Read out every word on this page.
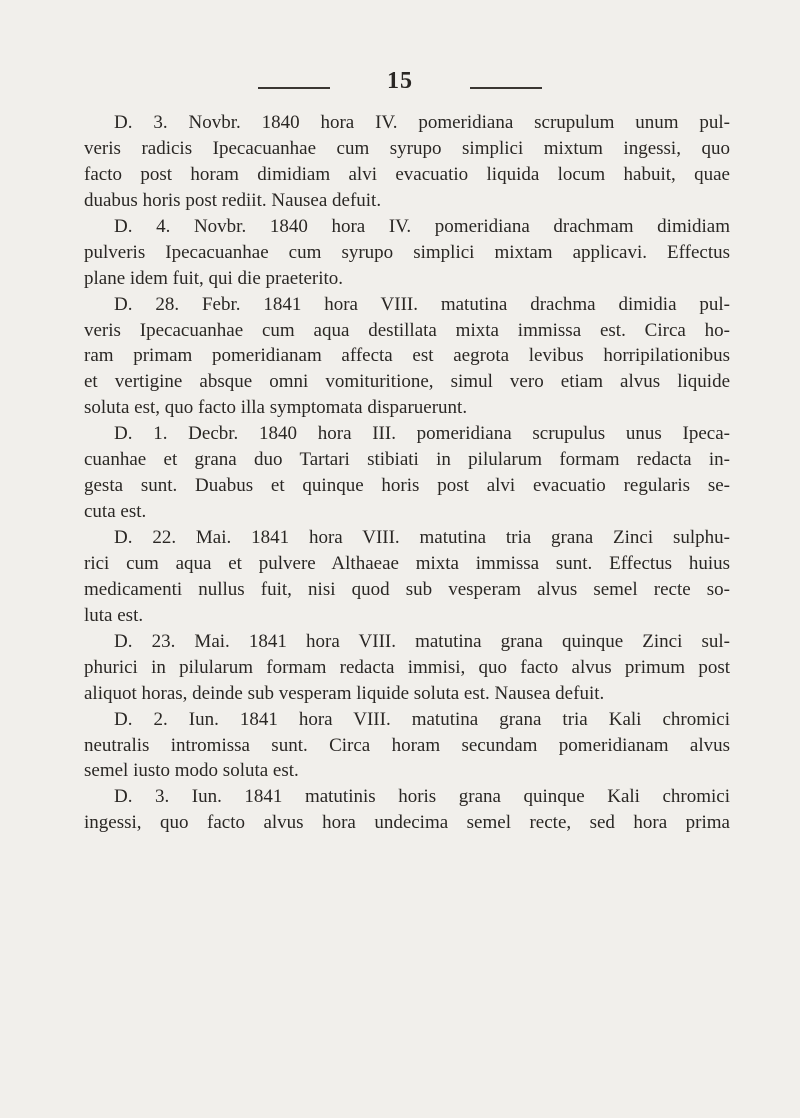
15
D. 3. Novbr. 1840 hora IV. pomeridiana scrupulum unum pul-
veris radicis Ipecacuanhae cum syrupo simplici mixtum ingessi, quo
facto post horam dimidiam alvi evacuatio liquida locum habuit, quae
duabus horis post rediit. Nausea defuit.
D. 4. Novbr. 1840 hora IV. pomeridiana drachmam dimidiam
pulveris Ipecacuanhae cum syrupo simplici mixtam applicavi. Effectus
plane idem fuit, qui die praeterito.
D. 28. Febr. 1841 hora VIII. matutina drachma dimidia pul-
veris Ipecacuanhae cum aqua destillata mixta immissa est. Circa ho-
ram primam pomeridianam affecta est aegrota levibus horripilationibus
et vertigine absque omni vomituritione, simul vero etiam alvus liquide
soluta est, quo facto illa symptomata disparuerunt.
D. 1. Decbr. 1840 hora III. pomeridiana scrupulus unus Ipeca-
cuanhae et grana duo Tartari stibiati in pilularum formam redacta in-
gesta sunt. Duabus et quinque horis post alvi evacuatio regularis se-
cuta est.
D. 22. Mai. 1841 hora VIII. matutina tria grana Zinci sulphu-
rici cum aqua et pulvere Althaeae mixta immissa sunt. Effectus huius
medicamenti nullus fuit, nisi quod sub vesperam alvus semel recte so-
luta est.
D. 23. Mai. 1841 hora VIII. matutina grana quinque Zinci sul-
phurici in pilularum formam redacta immisi, quo facto alvus primum post
aliquot horas, deinde sub vesperam liquide soluta est. Nausea defuit.
D. 2. Iun. 1841 hora VIII. matutina grana tria Kali chromici
neutralis intromissa sunt. Circa horam secundam pomeridianam alvus
semel iusto modo soluta est.
D. 3. Iun. 1841 matutinis horis grana quinque Kali chromici
ingessi, quo facto alvus hora undecima semel recte, sed hora prima
